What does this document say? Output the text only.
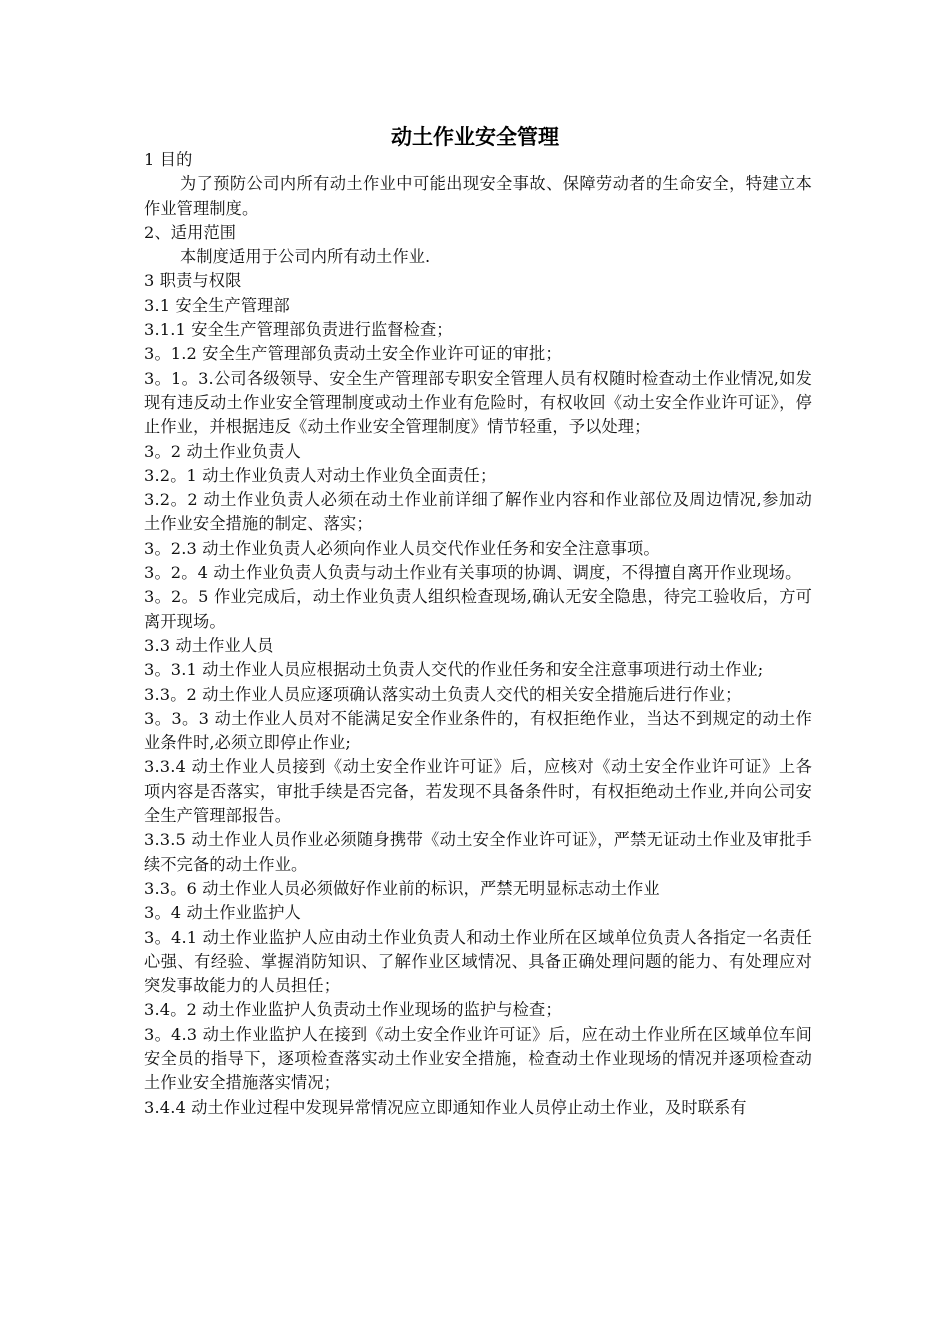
动土作业安全管理

1 目的

为了预防公司内所有动土作业中可能出现安全事故、保障劳动者的生命安全，特建立本作业管理制度。

2、适用范围

本制度适用于公司内所有动土作业.

3 职责与权限

3.1 安全生产管理部

3.1.1 安全生产管理部负责进行监督检查；

3。1.2 安全生产管理部负责动土安全作业许可证的审批；

3。1。3.公司各级领导、安全生产管理部专职安全管理人员有权随时检查动土作业情况,如发现有违反动土作业安全管理制度或动土作业有危险时，有权收回《动土安全作业许可证》，停止作业，并根据违反《动土作业安全管理制度》情节轻重，予以处理；

3。2 动土作业负责人

3.2。1 动土作业负责人对动土作业负全面责任；

3.2。2 动土作业负责人必须在动土作业前详细了解作业内容和作业部位及周边情况,参加动土作业安全措施的制定、落实；

3。2.3 动土作业负责人必须向作业人员交代作业任务和安全注意事项。

3。2。4 动土作业负责人负责与动土作业有关事项的协调、调度，不得擅自离开作业现场。

3。2。5 作业完成后，动土作业负责人组织检查现场,确认无安全隐患，待完工验收后，方可离开现场。

3.3 动土作业人员

3。3.1 动土作业人员应根据动土负责人交代的作业任务和安全注意事项进行动土作业;

3.3。2 动土作业人员应逐项确认落实动土负责人交代的相关安全措施后进行作业；

3。3。3 动土作业人员对不能满足安全作业条件的，有权拒绝作业，当达不到规定的动土作业条件时,必须立即停止作业;

3.3.4 动土作业人员接到《动土安全作业许可证》后，应核对《动土安全作业许可证》上各项内容是否落实，审批手续是否完备，若发现不具备条件时，有权拒绝动土作业,并向公司安全生产管理部报告。

3.3.5 动土作业人员作业必须随身携带《动土安全作业许可证》，严禁无证动土作业及审批手续不完备的动土作业。

3.3。6 动土作业人员必须做好作业前的标识，严禁无明显标志动土作业

3。4 动土作业监护人

3。4.1 动土作业监护人应由动土作业负责人和动土作业所在区域单位负责人各指定一名责任心强、有经验、掌握消防知识、了解作业区域情况、具备正确处理问题的能力、有处理应对突发事故能力的人员担任；

3.4。2 动土作业监护人负责动土作业现场的监护与检查；

3。4.3 动土作业监护人在接到《动土安全作业许可证》后，应在动土作业所在区域单位车间安全员的指导下，逐项检查落实动土作业安全措施，检查动土作业现场的情况并逐项检查动土作业安全措施落实情况；

3.4.4 动土作业过程中发现异常情况应立即通知作业人员停止动土作业，及时联系有
